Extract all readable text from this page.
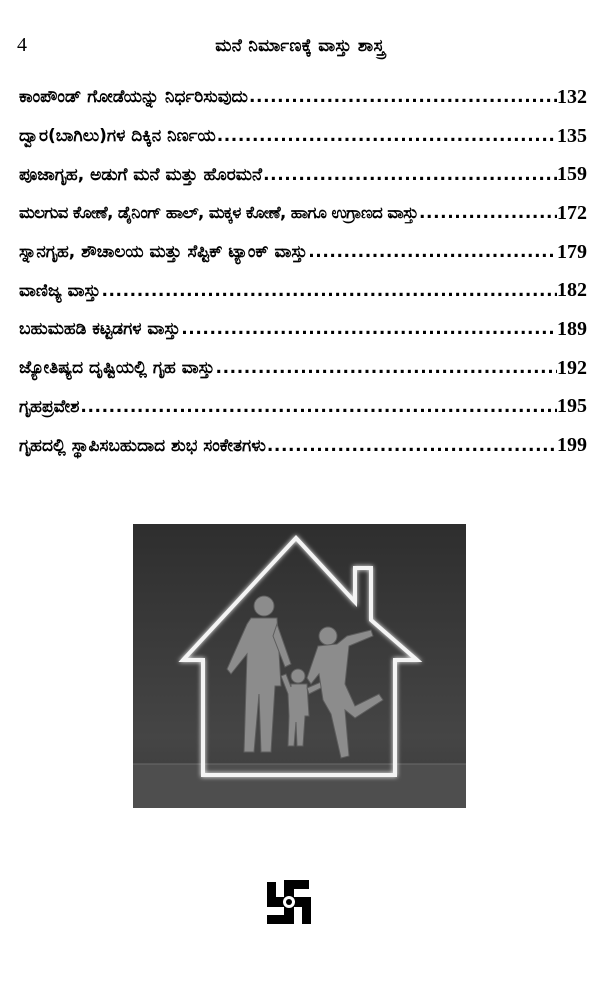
4	ಮನೆ ನಿರ್ಮಾಣಕ್ಕೆ ವಾಸ್ತು ಶಾಸ್ತ್ರ
ಕಾಂಪೌಂಡ್ ಗೋಡೆಯನ್ನು ನಿರ್ಧರಿಸುವುದು .....	132
ದ್ವಾರ(ಬಾಗಿಲು)ಗಳ ದಿಕ್ಕಿನ ನಿರ್ಣಯ .....	135
ಪೂಜಾಗೃಹ, ಅಡುಗೆ ಮನೆ ಮತ್ತು ಹೊರಮನೆ .....	159
ಮಲಗುವ ಕೋಣೆ, ಡೈನಿಂಗ್ ಹಾಲ್, ಮಕ್ಕಳ ಕೋಣೆ, ಹಾಗೂ ಉಗ್ರಾಣದ ವಾಸ್ತು .....	172
ಸ್ನಾನಗೃಹ, ಶೌಚಾಲಯ ಮತ್ತು ಸೆಪ್ಟಿಕ್ ಟ್ಯಾಂಕ್ ವಾಸ್ತು .....	179
ವಾಣಿಜ್ಯ ವಾಸ್ತು .....	182
ಬಹುಮಹಡಿ ಕಟ್ಟಡಗಳ ವಾಸ್ತು .....	189
ಜ್ಯೋತಿಷ್ಯದ ದೃಷ್ಟಿಯಲ್ಲಿ ಗೃಹ ವಾಸ್ತು .....	192
ಗೃಹಪ್ರವೇಶ .....	195
ಗೃಹದಲ್ಲಿ ಸ್ಥಾಪಿಸಬಹುದಾದ ಶುಭ ಸಂಕೇತಗಳು .....	199
